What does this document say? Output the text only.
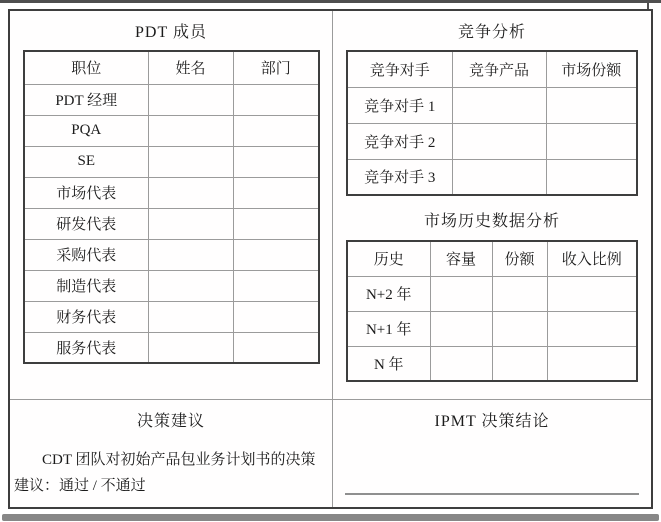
PDT 成员
职位	姓名	部门
PDT 经理		
PQA		
SE		
市场代表		
研发代表		
采购代表		
制造代表		
财务代表		
服务代表		
竞争分析
竞争对手	竞争产品	市场份额
竞争对手 1		
竞争对手 2		
竞争对手 3		
市场历史数据分析
历史	容量	份额	收入比例
N+2 年			
N+1 年			
N 年			
决策建议
CDT 团队对初始产品包业务计划书的决策
建议：通过 / 不通过
IPMT 决策结论
